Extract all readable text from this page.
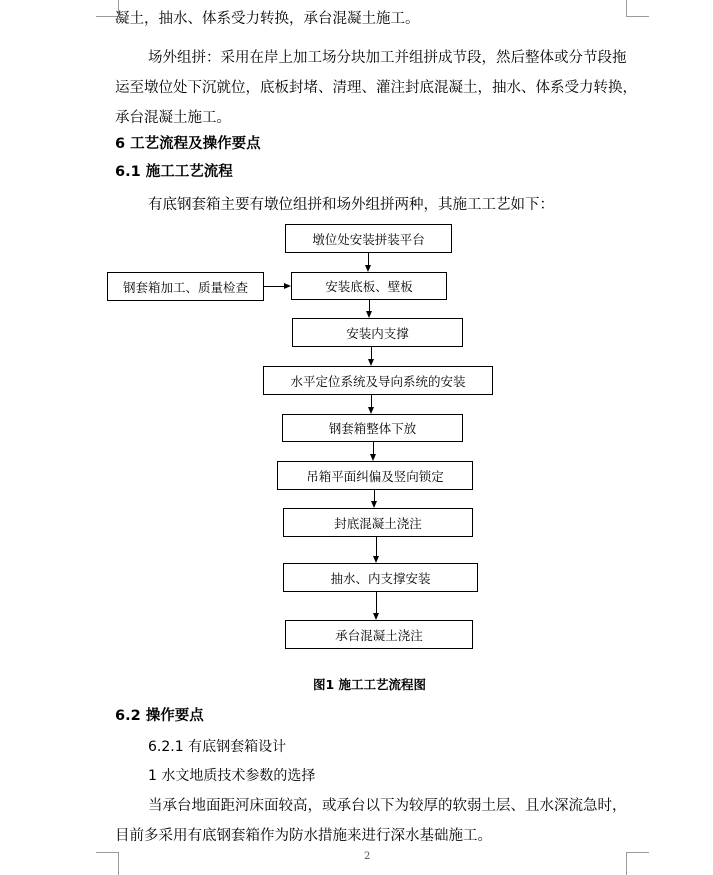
凝土，抽水、体系受力转换，承台混凝土施工。
场外组拼：采用在岸上加工场分块加工并组拼成节段，然后整体或分节段拖
运至墩位处下沉就位，底板封堵、清理、灌注封底混凝土，抽水、体系受力转换，
承台混凝土施工。
6 工艺流程及操作要点
6.1 施工工艺流程
有底钢套箱主要有墩位组拼和场外组拼两种，其施工工艺如下：
墩位处安装拼装平台
安装底板、壁板
安装内支撑
水平定位系统及导向系统的安装
钢套箱整体下放
吊箱平面纠偏及竖向锁定
封底混凝土浇注
抽水、内支撑安装
承台混凝土浇注
钢套箱加工、质量检查
图1 施工工艺流程图
6.2 操作要点
6.2.1 有底钢套箱设计
1 水文地质技术参数的选择
当承台地面距河床面较高，或承台以下为较厚的软弱土层、且水深流急时，
目前多采用有底钢套箱作为防水措施来进行深水基础施工。
2
